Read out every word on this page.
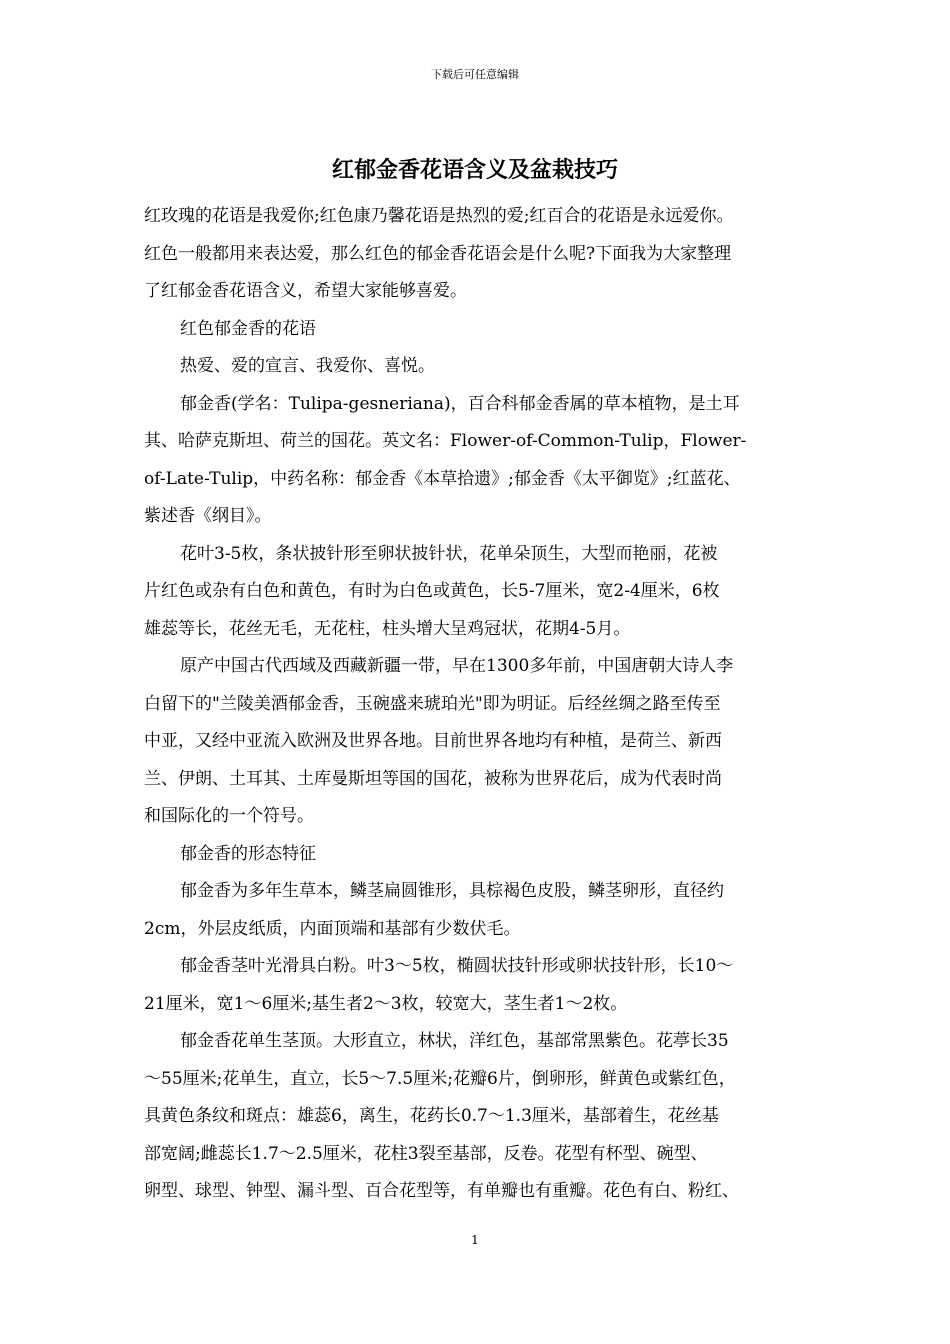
下载后可任意编辑
红郁金香花语含义及盆栽技巧
红玫瑰的花语是我爱你;红色康乃馨花语是热烈的爱;红百合的花语是永远爱你。
红色一般都用来表达爱，那么红色的郁金香花语会是什么呢?下面我为大家整理
了红郁金香花语含义，希望大家能够喜爱。
红色郁金香的花语
热爱、爱的宣言、我爱你、喜悦。
郁金香(学名：Tulipa-gesneriana)，百合科郁金香属的草本植物，是土耳
其、哈萨克斯坦、荷兰的国花。英文名：Flower-of-Common-Tulip，Flower-
of-Late-Tulip，中药名称：郁金香《本草拾遗》;郁金香《太平御览》;红蓝花、
紫述香《纲目》。
花叶3-5枚，条状披针形至卵状披针状，花单朵顶生，大型而艳丽，花被
片红色或杂有白色和黄色，有时为白色或黄色，长5-7厘米，宽2-4厘米，6枚
雄蕊等长，花丝无毛，无花柱，柱头增大呈鸡冠状，花期4-5月。
原产中国古代西域及西藏新疆一带，早在1300多年前，中国唐朝大诗人李
白留下的"兰陵美酒郁金香，玉碗盛来琥珀光"即为明证。后经丝绸之路至传至
中亚，又经中亚流入欧洲及世界各地。目前世界各地均有种植，是荷兰、新西
兰、伊朗、土耳其、土库曼斯坦等国的国花，被称为世界花后，成为代表时尚
和国际化的一个符号。
郁金香的形态特征
郁金香为多年生草本，鳞茎扁圆锥形，具棕褐色皮股，鳞茎卵形，直径约
2cm，外层皮纸质，内面顶端和基部有少数伏毛。
郁金香茎叶光滑具白粉。叶3～5枚，椭圆状技针形或卵状技针形，长10～
21厘米，宽1～6厘米;基生者2～3枚，较宽大，茎生者1～2枚。
郁金香花单生茎顶。大形直立，林状，洋红色，基部常黑紫色。花葶长35
～55厘米;花单生，直立，长5～7.5厘米;花瓣6片，倒卵形，鲜黄色或紫红色，
具黄色条纹和斑点：雄蕊6，离生，花药长0.7～1.3厘米，基部着生，花丝基
部宽阔;雌蕊长1.7～2.5厘米，花柱3裂至基部，反卷。花型有杯型、碗型、
卵型、球型、钟型、漏斗型、百合花型等，有单瓣也有重瓣。花色有白、粉红、
1
